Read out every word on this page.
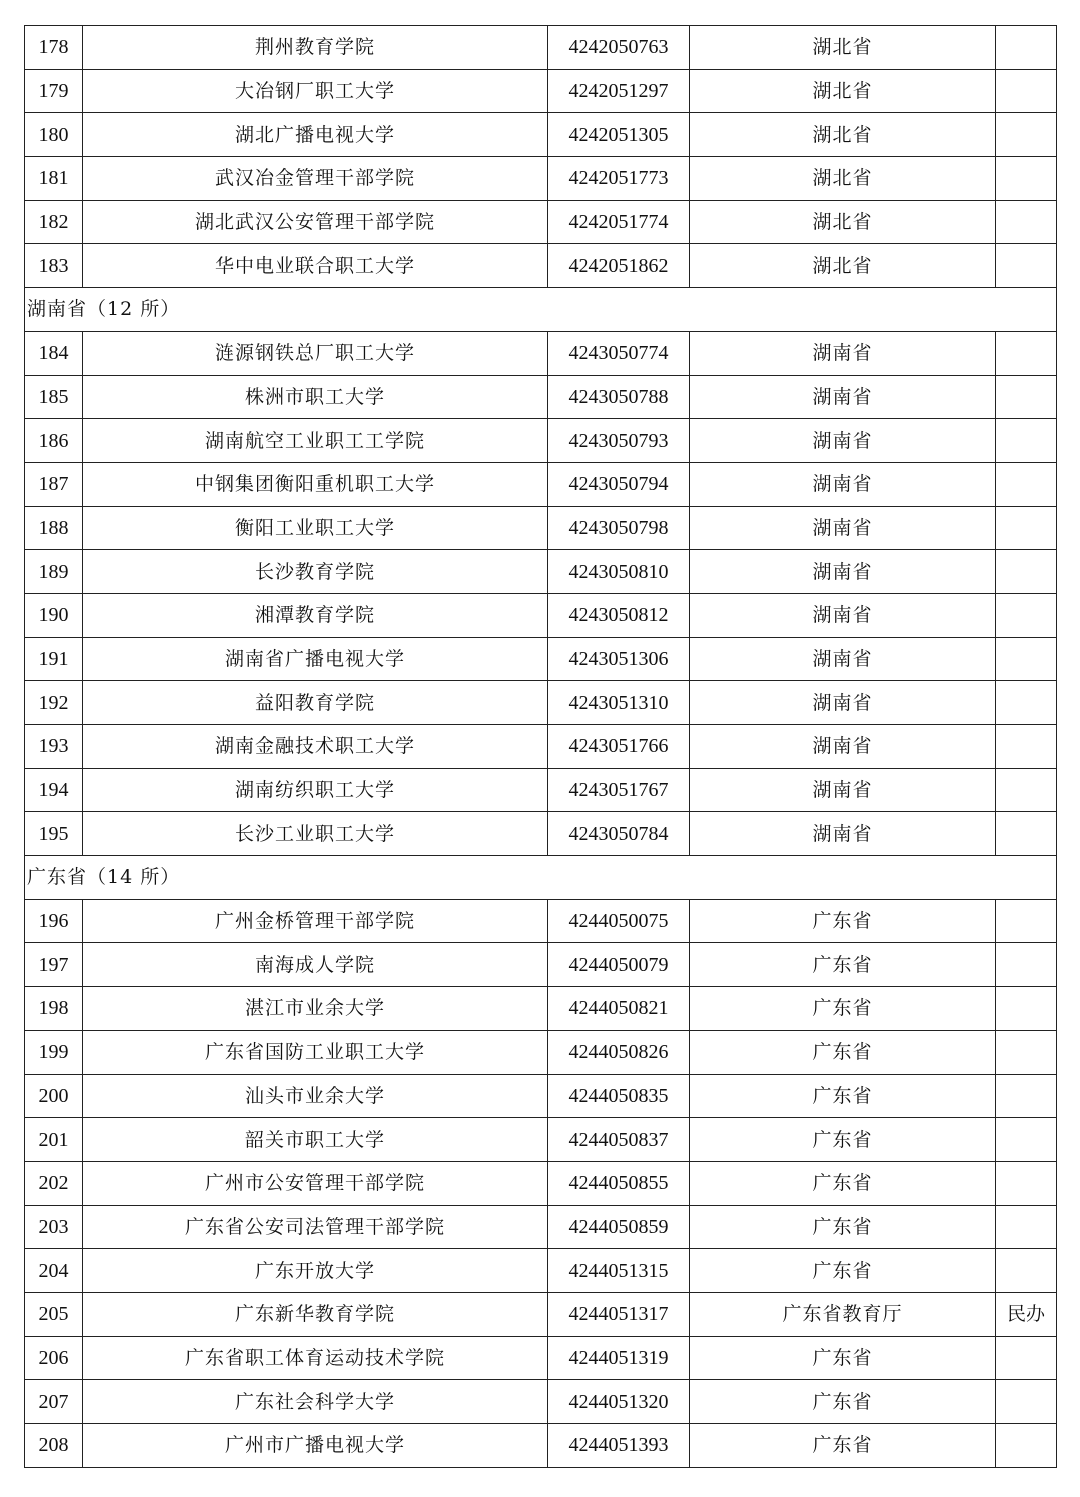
178	荆州教育学院	4242050763	湖北省	
179	大冶钢厂职工大学	4242051297	湖北省	
180	湖北广播电视大学	4242051305	湖北省	
181	武汉冶金管理干部学院	4242051773	湖北省	
182	湖北武汉公安管理干部学院	4242051774	湖北省	
183	华中电业联合职工大学	4242051862	湖北省	
湖南省（12 所）				
184	涟源钢铁总厂职工大学	4243050774	湖南省	
185	株洲市职工大学	4243050788	湖南省	
186	湖南航空工业职工工学院	4243050793	湖南省	
187	中钢集团衡阳重机职工大学	4243050794	湖南省	
188	衡阳工业职工大学	4243050798	湖南省	
189	长沙教育学院	4243050810	湖南省	
190	湘潭教育学院	4243050812	湖南省	
191	湖南省广播电视大学	4243051306	湖南省	
192	益阳教育学院	4243051310	湖南省	
193	湖南金融技术职工大学	4243051766	湖南省	
194	湖南纺织职工大学	4243051767	湖南省	
195	长沙工业职工大学	4243050784	湖南省	
广东省（14 所）				
196	广州金桥管理干部学院	4244050075	广东省	
197	南海成人学院	4244050079	广东省	
198	湛江市业余大学	4244050821	广东省	
199	广东省国防工业职工大学	4244050826	广东省	
200	汕头市业余大学	4244050835	广东省	
201	韶关市职工大学	4244050837	广东省	
202	广州市公安管理干部学院	4244050855	广东省	
203	广东省公安司法管理干部学院	4244050859	广东省	
204	广东开放大学	4244051315	广东省	
205	广东新华教育学院	4244051317	广东省教育厅	民办
206	广东省职工体育运动技术学院	4244051319	广东省	
207	广东社会科学大学	4244051320	广东省	
208	广州市广播电视大学	4244051393	广东省	
